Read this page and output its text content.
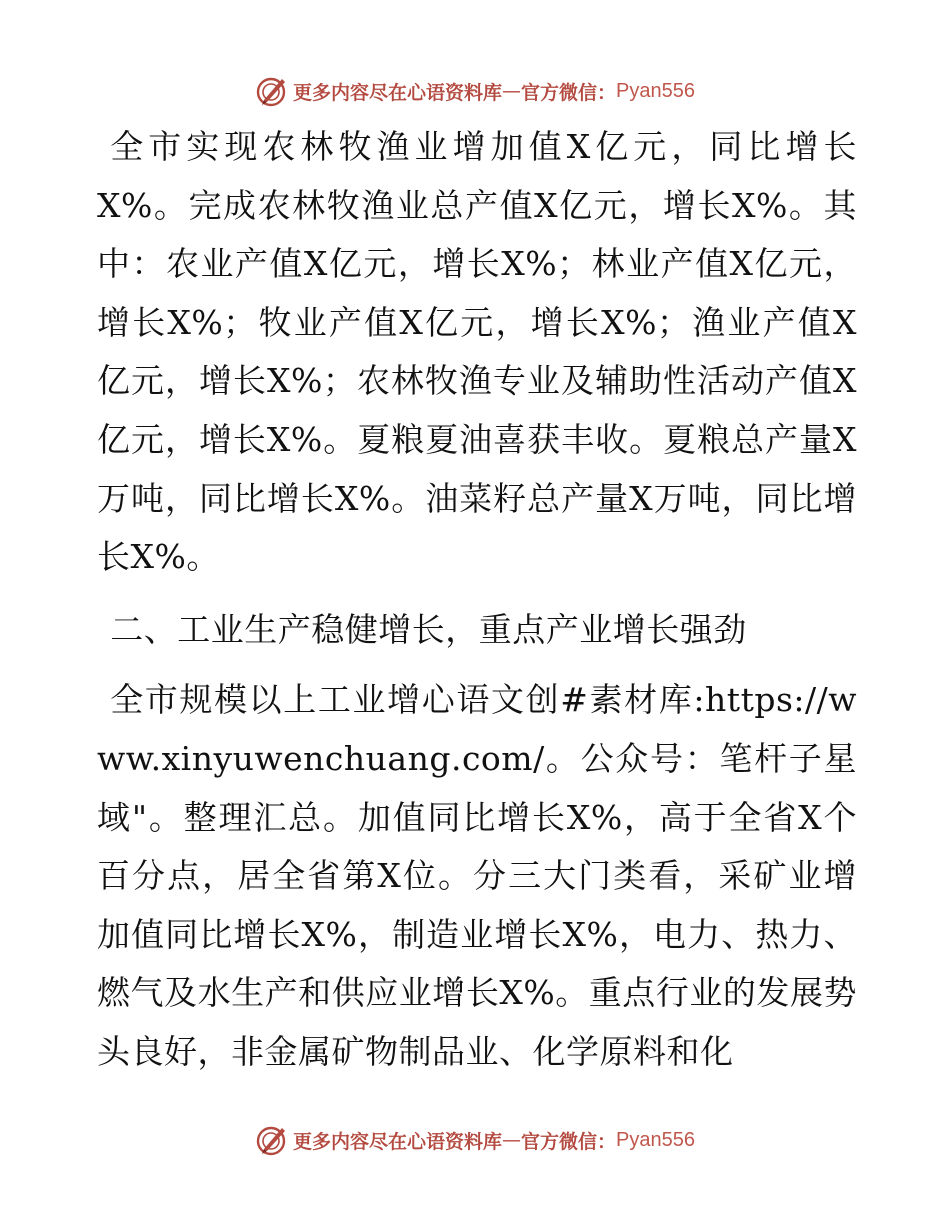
更多内容尽在心语资料库 — 官方微信： Pyan556

全市实现农林牧渔业增加值X亿元，同比增长X%。完成农林牧渔业总产值X亿元，增长X%。其中：农业产值X亿元，增长X%；林业产值X亿元，增长X%；牧业产值X亿元，增长X%；渔业产值X亿元，增长X%；农林牧渔专业及辅助性活动产值X亿元，增长X%。夏粮夏油喜获丰收。夏粮总产量X万吨，同比增长X%。油菜籽总产量X万吨，同比增长X%。

二、工业生产稳健增长，重点产业增长强劲

全市规模以上工业增心语文创#素材库:https://www.xinyuwenchuang.com/。公众号：笔杆子星域"。整理汇总。加值同比增长X%，高于全省X个百分点，居全省第X位。分三大门类看，采矿业增加值同比增长X%，制造业增长X%，电力、热力、燃气及水生产和供应业增长X%。重点行业的发展势头良好，非金属矿物制品业、化学原料和化

更多内容尽在心语资料库 — 官方微信： Pyan556
